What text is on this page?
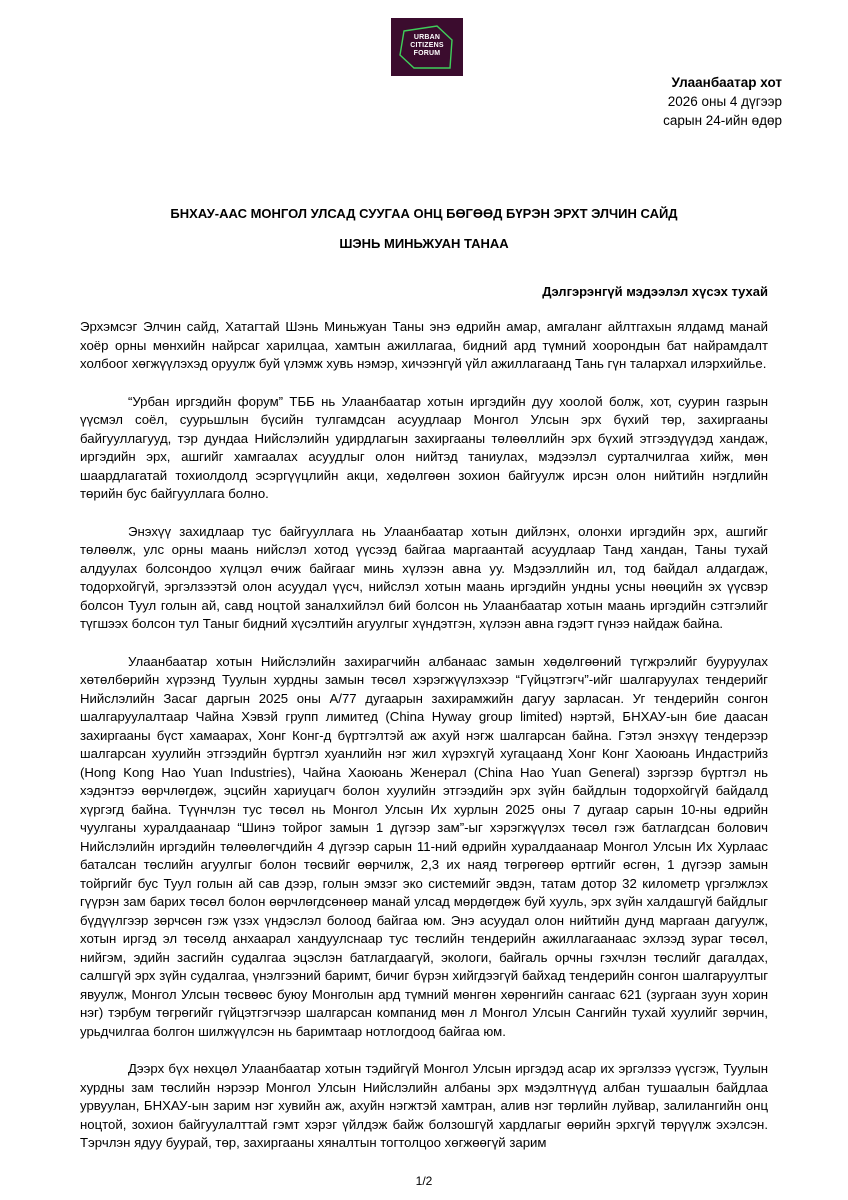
URBAN
CITIZENS
FORUM
Улаанбаатар хот
2026 оны 4 дүгээр
сарын 24-ийн өдөр
БНХАУ-ААС МОНГОЛ УЛСАД СУУГАА ОНЦ БӨГӨӨД БҮРЭН ЭРХТ ЭЛЧИН САЙД
ШЭНЬ МИНЬЖУАН ТАНАА
Дэлгэрэнгүй мэдээлэл хүсэх тухай

Эрхэмсэг Элчин сайд, Хатагтай Шэнь Миньжуан Таны энэ өдрийн амар, амгаланг айлтгахын ялдамд манай хоёр орны мөнхийн найрсаг харилцаа, хамтын ажиллагаа, бидний ард түмний хоорондын бат найрамдалт холбоог хөгжүүлэхэд оруулж буй үлэмж хувь нэмэр, хичээнгүй үйл ажиллагаанд Тань гүн талархал илэрхийлье.

“Урбан иргэдийн форум” ТББ нь Улаанбаатар хотын иргэдийн дуу хоолой болж, хот, суурин газрын үүсмэл соёл, суурьшлын бүсийн тулгамдсан асуудлаар Монгол Улсын эрх бүхий төр, захиргааны байгууллагууд, тэр дундаа Нийслэлийн удирдлагын захиргааны төлөөллийн эрх бүхий этгээдүүдэд хандаж, иргэдийн эрх, ашгийг хамгаалах асуудлыг олон нийтэд таниулах, мэдээлэл сурталчилгаа хийж, мөн шаардлагатай тохиолдолд эсэргүүцлийн акци, хөдөлгөөн зохион байгуулж ирсэн олон нийтийн нэгдлийн төрийн бус байгууллага болно.

Энэхүү захидлаар тус байгууллага нь Улаанбаатар хотын дийлэнх, олонхи иргэдийн эрх, ашгийг төлөөлж, улс орны маань нийслэл хотод үүсээд байгаа маргаантай асуудлаар Танд хандан, Таны тухай алдуулах болсондоо хүлцэл өчиж байгааг минь хүлээн авна уу. Мэдээллийн ил, тод байдал алдагдаж, тодорхойгүй, эргэлзээтэй олон асуудал үүсч, нийслэл хотын маань иргэдийн ундны усны нөөцийн эх үүсвэр болсон Туул голын ай, савд ноцтой заналхийлэл бий болсон нь Улаанбаатар хотын маань иргэдийн сэтгэлийг түгшээх болсон тул Таныг бидний хүсэлтийн агуулгыг хүндэтгэн, хүлээн авна гэдэгт гүнээ найдаж байна.

Улаанбаатар хотын Нийслэлийн захирагчийн албанаас замын хөдөлгөөний түгжрэлийг бууруулах хөтөлбөрийн хүрээнд Туулын хурдны замын төсөл хэрэгжүүлэхээр “Гүйцэтгэгч”-ийг шалгаруулах тендерийг Нийслэлийн Засаг даргын 2025 оны А/77 дугаарын захирамжийн дагуу зарласан. Уг тендерийн сонгон шалгаруулалтаар Чайна Хэвэй групп лимитед (China Hyway group limited) нэртэй, БНХАУ-ын бие даасан захиргааны бүст хамаарах, Хонг Конг-д бүртгэлтэй аж ахуй нэгж шалгарсан байна. Гэтэл энэхүү тендерээр шалгарсан хуулийн этгээдийн бүртгэл хуанлийн нэг жил хүрэхгүй хугацаанд Хонг Конг Хаоюань Индастрийз (Hong Kong Hao Yuan Industries), Чайна Хаоюань Женерал (China Hao Yuan General) зэргээр бүртгэл нь хэдэнтээ өөрчлөгдөж, эцсийн хариуцагч болон хуулийн этгээдийн эрх зүйн байдлын тодорхойгүй байдалд хүргэгд байна. Түүнчлэн тус төсөл нь Монгол Улсын Их хурлын 2025 оны 7 дугаар сарын 10-ны өдрийн чуулганы хуралдаанаар “Шинэ тойрог замын 1 дүгээр зам”-ыг хэрэгжүүлэх төсөл гэж батлагдсан болович Нийслэлийн иргэдийн төлөөлөгчдийн 4 дүгээр сарын 11-ний өдрийн хуралдаанаар Монгол Улсын Их Хурлаас баталсан төслийн агуулгыг болон төсвийг өөрчилж, 2,3 их наяд төгрөгөөр өртгийг өсгөн, 1 дүгээр замын тойргийг бус Туул голын ай сав дээр, голын эмзэг эко системийг эвдэн, татам дотор 32 километр үргэлжлэх гүүрэн зам барих төсөл болон өөрчлөгдсөнөөр манай улсад мөрдөгдөж буй хууль, эрх зүйн халдашгүй байдлыг бүдүүлгээр зөрчсөн гэж үзэх үндэслэл болоод байгаа юм. Энэ асуудал олон нийтийн дунд маргаан дагуулж, хотын иргэд эл төсөлд анхаарал хандуулснаар тус төслийн тендерийн ажиллагаанаас эхлээд зураг төсөл, нийгэм, эдийн засгийн судалгаа эцэслэн батлагдаагүй, экологи, байгаль орчны гэхчлэн төслийг дагалдах, салшгүй эрх зүйн судалгаа, үнэлгээний баримт, бичиг бүрэн хийгдээгүй байхад тендерийн сонгон шалгаруултыг явуулж, Монгол Улсын төсвөөс буюу Монголын ард түмний мөнгөн хөрөнгийн сангаас 621 (зургаан зуун хорин нэг) тэрбум төгрөгийг гүйцэтгэгчээр шалгарсан компанид мөн л Монгол Улсын Сангийн тухай хуулийг зөрчин, урьдчилгаа болгон шилжүүлсэн нь баримтаар нотлогдоод байгаа юм.

Дээрх бүх нөхцөл Улаанбаатар хотын тэдийгүй Монгол Улсын иргэдэд асар их эргэлзээ үүсгэж, Туулын хурдны зам төслийн нэрээр Монгол Улсын Нийслэлийн албаны эрх мэдэлтнүүд албан тушаалын байдлаа урвуулан, БНХАУ-ын зарим нэг хувийн аж, ахуйн нэгжтэй хамтран, алив нэг төрлийн луйвар, залилангийн онц ноцтой, зохион байгуулалттай гэмт хэрэг үйлдэж байж болзошгүй хардлагыг өөрийн эрхгүй төрүүлж эхэлсэн. Тэрчлэн ядуу буурай, төр, захиргааны хяналтын тогтолцоо хөгжөөгүй зарим

1/2
